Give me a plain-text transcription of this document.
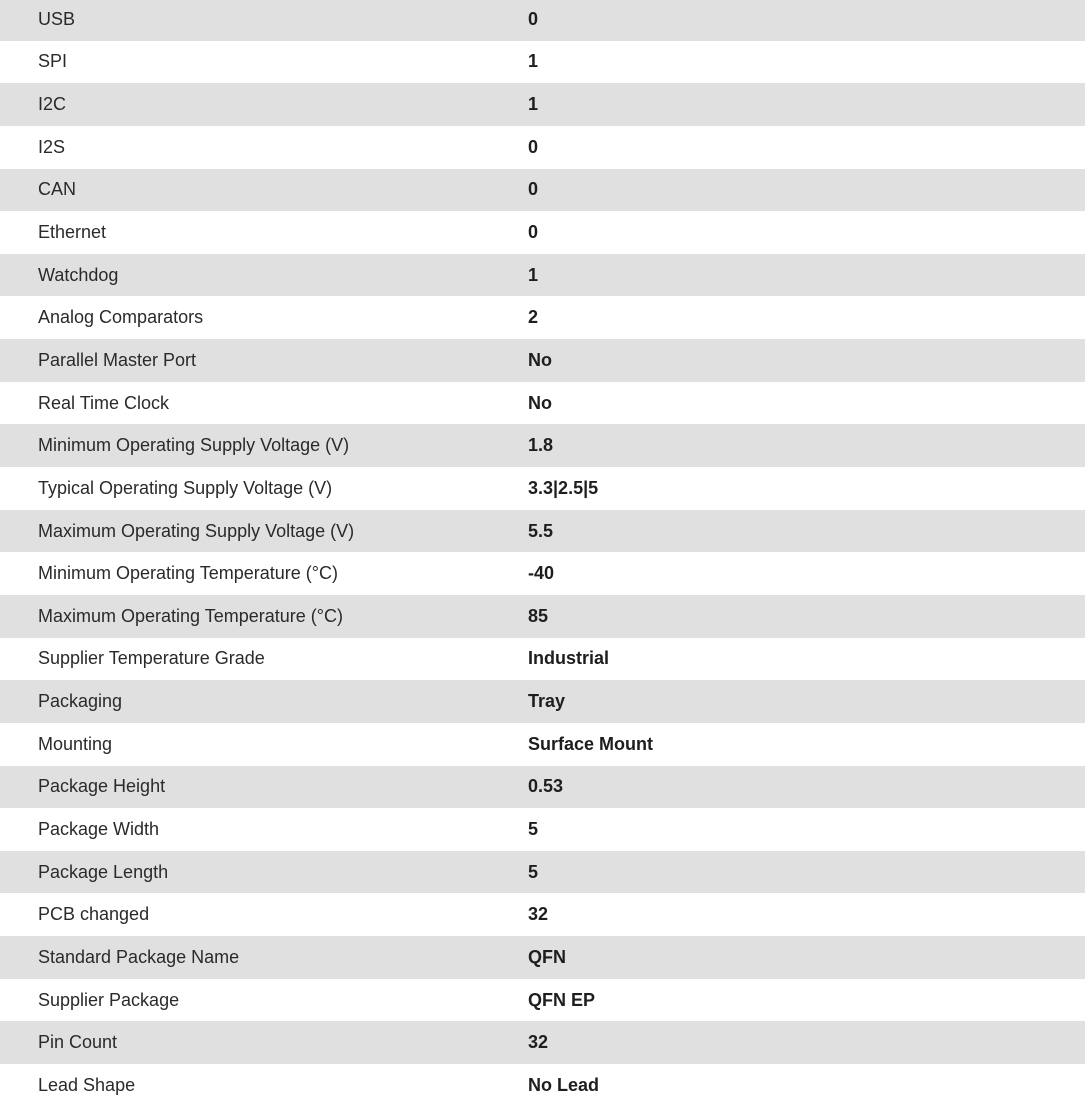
USB	0
SPI	1
I2C	1
I2S	0
CAN	0
Ethernet	0
Watchdog	1
Analog Comparators	2
Parallel Master Port	No
Real Time Clock	No
Minimum Operating Supply Voltage (V)	1.8
Typical Operating Supply Voltage (V)	3.3|2.5|5
Maximum Operating Supply Voltage (V)	5.5
Minimum Operating Temperature (°C)	-40
Maximum Operating Temperature (°C)	85
Supplier Temperature Grade	Industrial
Packaging	Tray
Mounting	Surface Mount
Package Height	0.53
Package Width	5
Package Length	5
PCB changed	32
Standard Package Name	QFN
Supplier Package	QFN EP
Pin Count	32
Lead Shape	No Lead
